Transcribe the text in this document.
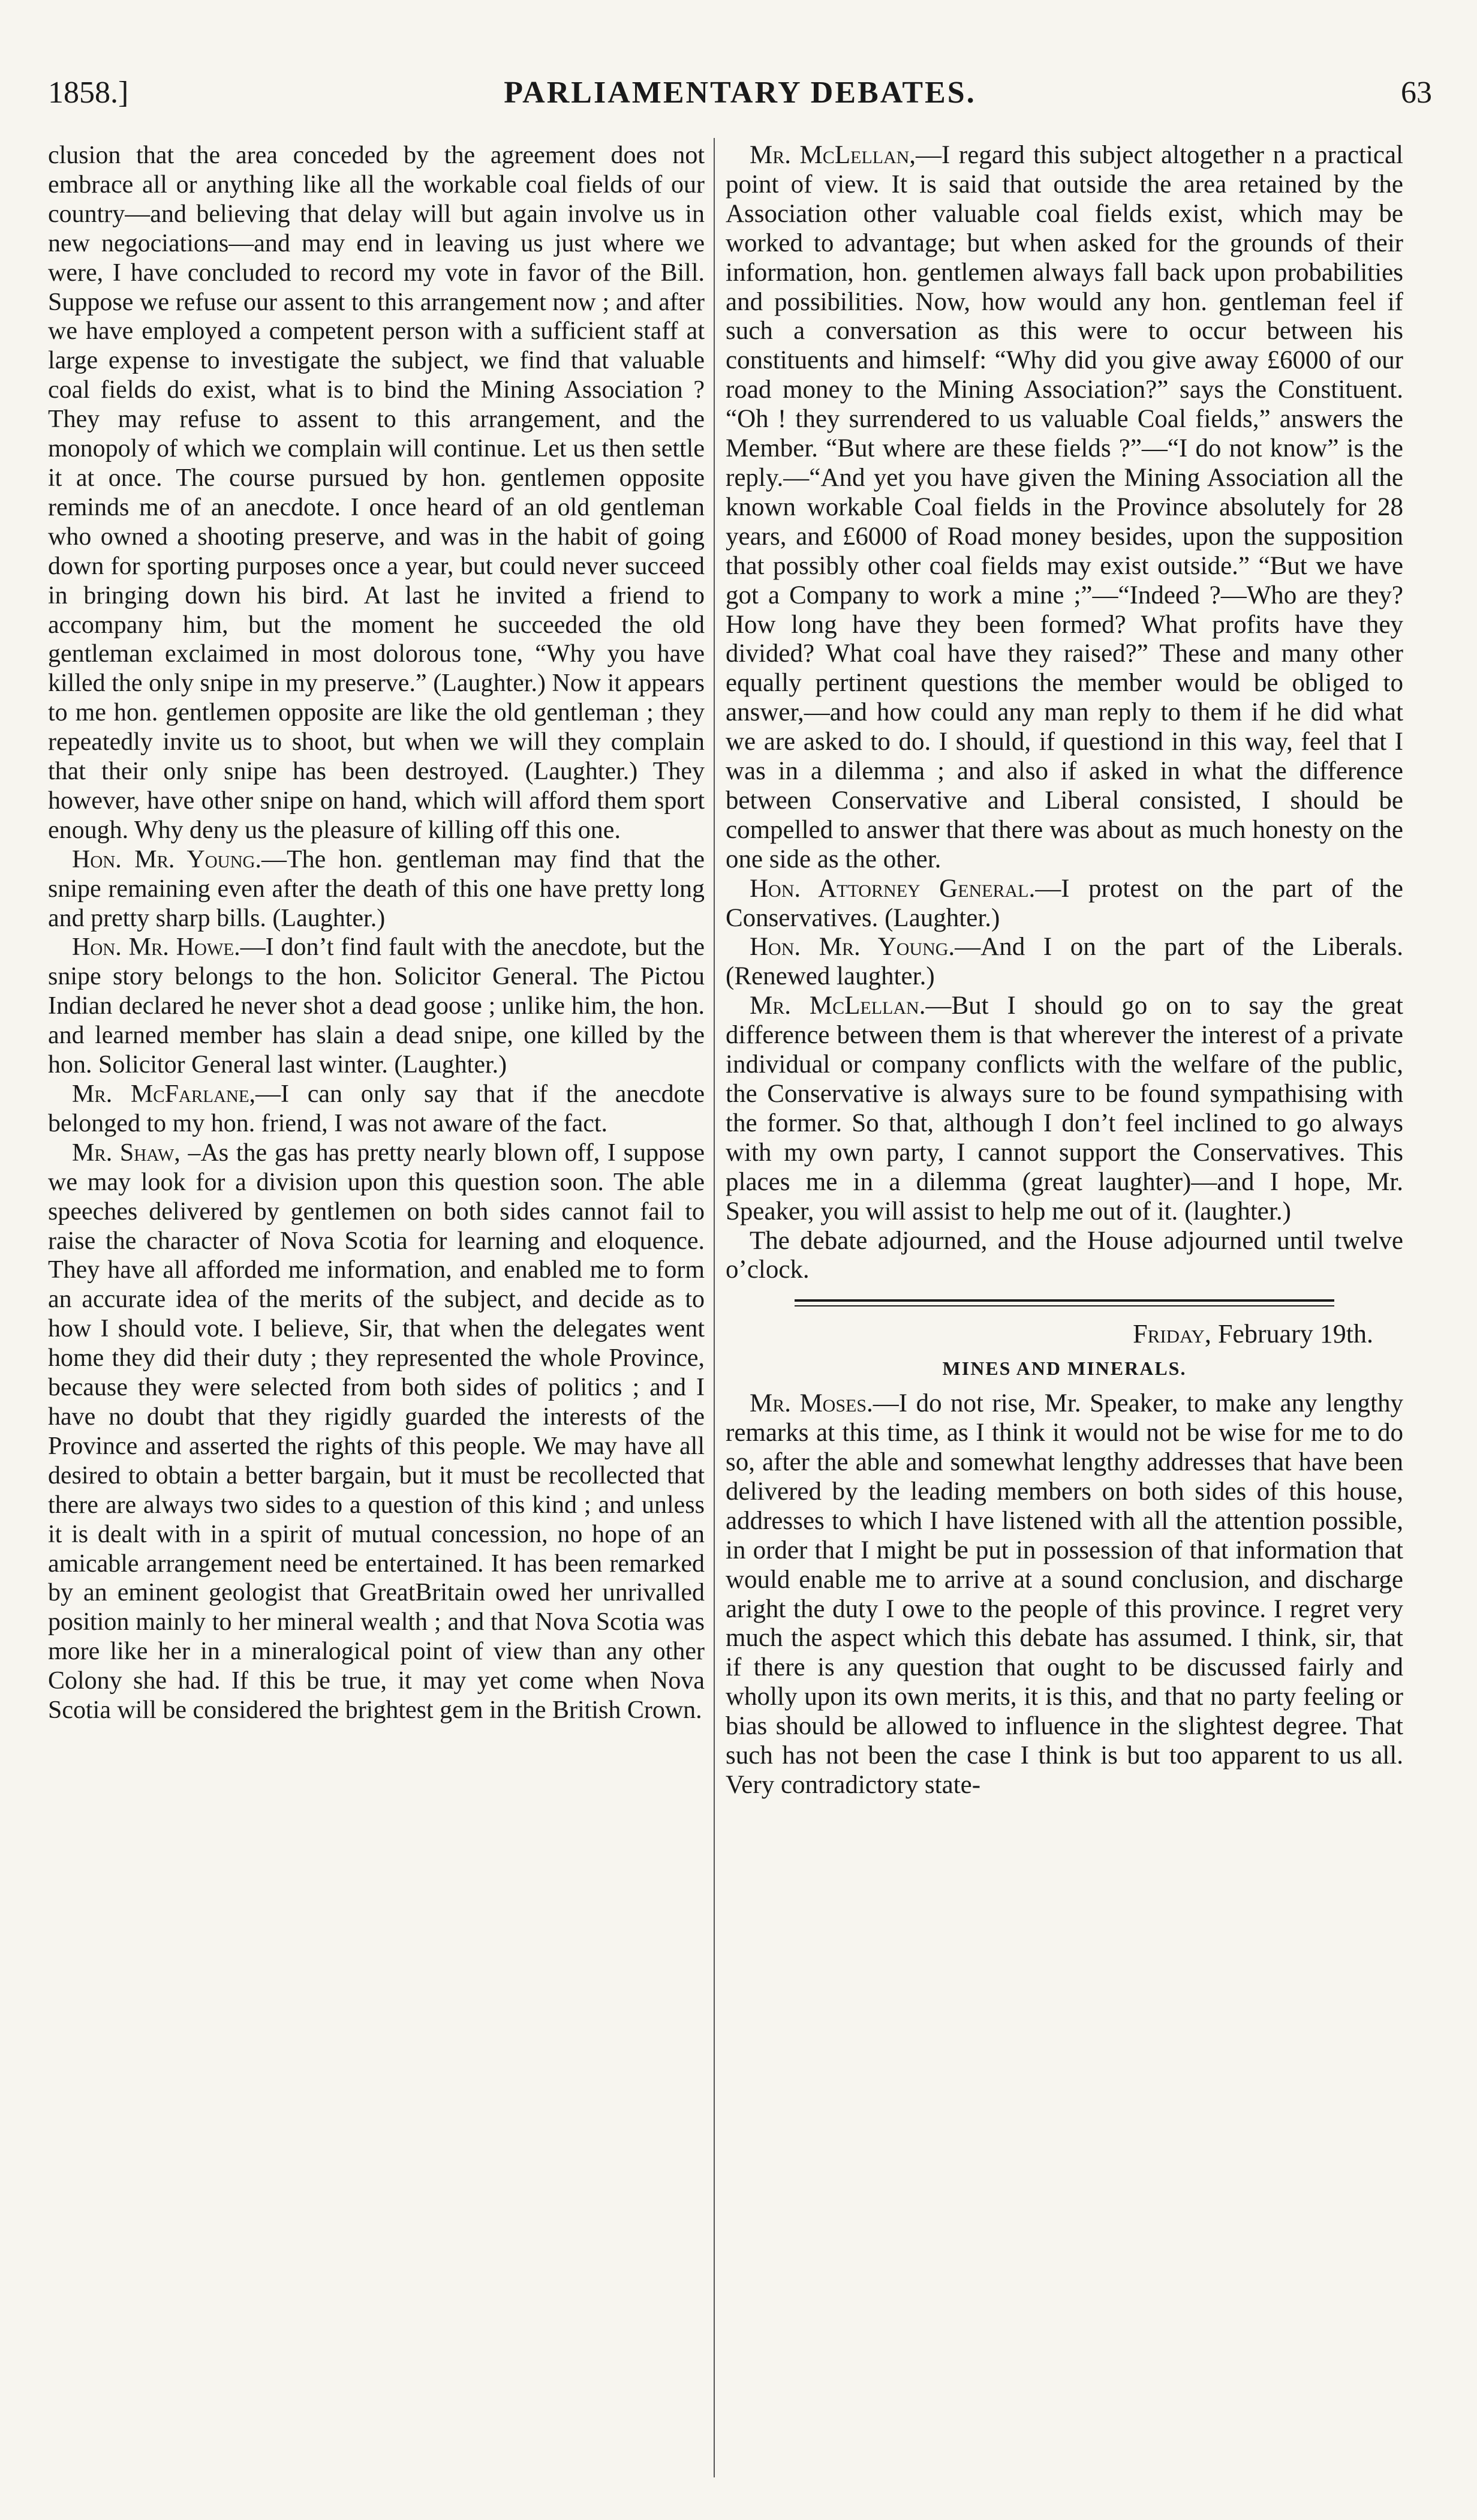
1858.]	PARLIAMENTARY DEBATES.	63

clusion that the area conceded by the agreement does not embrace all or anything like all the workable coal fields of our country—and believing that delay will but again involve us in new negociations—and may end in leaving us just where we were, I have concluded to record my vote in favor of the Bill. Suppose we refuse our assent to this arrangement now ; and after we have employed a competent person with a sufficient staff at large expense to investigate the subject, we find that valuable coal fields do exist, what is to bind the Mining Association ? They may refuse to assent to this arrangement, and the monopoly of which we complain will continue. Let us then settle it at once. The course pursued by hon. gentlemen opposite reminds me of an anecdote. I once heard of an old gentleman who owned a shooting preserve, and was in the habit of going down for sporting purposes once a year, but could never succeed in bringing down his bird. At last he invited a friend to accompany him, but the moment he succeeded the old gentleman exclaimed in most dolorous tone, “Why you have killed the only snipe in my preserve.” (Laughter.) Now it appears to me hon. gentlemen opposite are like the old gentleman ; they repeatedly invite us to shoot, but when we will they complain that their only snipe has been destroyed. (Laughter.) They however, have other snipe on hand, which will afford them sport enough. Why deny us the pleasure of killing off this one.

Hon. Mr. Young.—The hon. gentleman may find that the snipe remaining even after the death of this one have pretty long and pretty sharp bills. (Laughter.)

Hon. Mr. Howe.—I don’t find fault with the anecdote, but the snipe story belongs to the hon. Solicitor General. The Pictou Indian declared he never shot a dead goose ; unlike him, the hon. and learned member has slain a dead snipe, one killed by the hon. Solicitor General last winter. (Laughter.)

Mr. McFarlane,—I can only say that if the anecdote belonged to my hon. friend, I was not aware of the fact.

Mr. Shaw, –As the gas has pretty nearly blown off, I suppose we may look for a division upon this question soon. The able speeches delivered by gentlemen on both sides cannot fail to raise the character of Nova Scotia for learning and eloquence. They have all afforded me information, and enabled me to form an accurate idea of the merits of the subject, and decide as to how I should vote. I believe, Sir, that when the delegates went home they did their duty ; they represented the whole Province, because they were selected from both sides of politics ; and I have no doubt that they rigidly guarded the interests of the Province and asserted the rights of this people. We may have all desired to obtain a better bargain, but it must be recollected that there are always two sides to a question of this kind ; and unless it is dealt with in a spirit of mutual concession, no hope of an amicable arrangement need be entertained. It has been remarked by an eminent geologist that GreatBritain owed her unrivalled position mainly to her mineral wealth ; and that Nova Scotia was more like her in a mineralogical point of view than any other Colony she had. If this be true, it may yet come when Nova Scotia will be considered the brightest gem in the British Crown.

Mr. McLellan,—I regard this subject altogether n a practical point of view. It is said that outside the area retained by the Association other valuable coal fields exist, which may be worked to advantage; but when asked for the grounds of their information, hon. gentlemen always fall back upon probabilities and possibilities. Now, how would any hon. gentleman feel if such a conversation as this were to occur between his constituents and himself: “Why did you give away £6000 of our road money to the Mining Association?” says the Constituent. “Oh ! they surrendered to us valuable Coal fields,” answers the Member. “But where are these fields ?”—“I do not know” is the reply.—“And yet you have given the Mining Association all the known workable Coal fields in the Province absolutely for 28 years, and £6000 of Road money besides, upon the supposition that possibly other coal fields may exist outside.” “But we have got a Company to work a mine ;”—“Indeed ?—Who are they? How long have they been formed? What profits have they divided? What coal have they raised?” These and many other equally pertinent questions the member would be obliged to answer,—and how could any man reply to them if he did what we are asked to do. I should, if questiond in this way, feel that I was in a dilemma ; and also if asked in what the difference between Conservative and Liberal consisted, I should be compelled to answer that there was about as much honesty on the one side as the other.

Hon. Attorney General.—I protest on the part of the Conservatives. (Laughter.)

Hon. Mr. Young.—And I on the part of the Liberals. (Renewed laughter.)

Mr. McLellan.—But I should go on to say the great difference between them is that wherever the interest of a private individual or company conflicts with the welfare of the public, the Conservative is always sure to be found sympathising with the former. So that, although I don’t feel inclined to go always with my own party, I cannot support the Conservatives. This places me in a dilemma (great laughter)—and I hope, Mr. Speaker, you will assist to help me out of it. (laughter.)

The debate adjourned, and the House adjourned until twelve o’clock.

Friday, February 19th.
MINES AND MINERALS.

Mr. Moses.—I do not rise, Mr. Speaker, to make any lengthy remarks at this time, as I think it would not be wise for me to do so, after the able and somewhat lengthy addresses that have been delivered by the leading members on both sides of this house, addresses to which I have listened with all the attention possible, in order that I might be put in possession of that information that would enable me to arrive at a sound conclusion, and discharge aright the duty I owe to the people of this province. I regret very much the aspect which this debate has assumed. I think, sir, that if there is any question that ought to be discussed fairly and wholly upon its own merits, it is this, and that no party feeling or bias should be allowed to influence in the slightest degree. That such has not been the case I think is but too apparent to us all. Very contradictory state-
